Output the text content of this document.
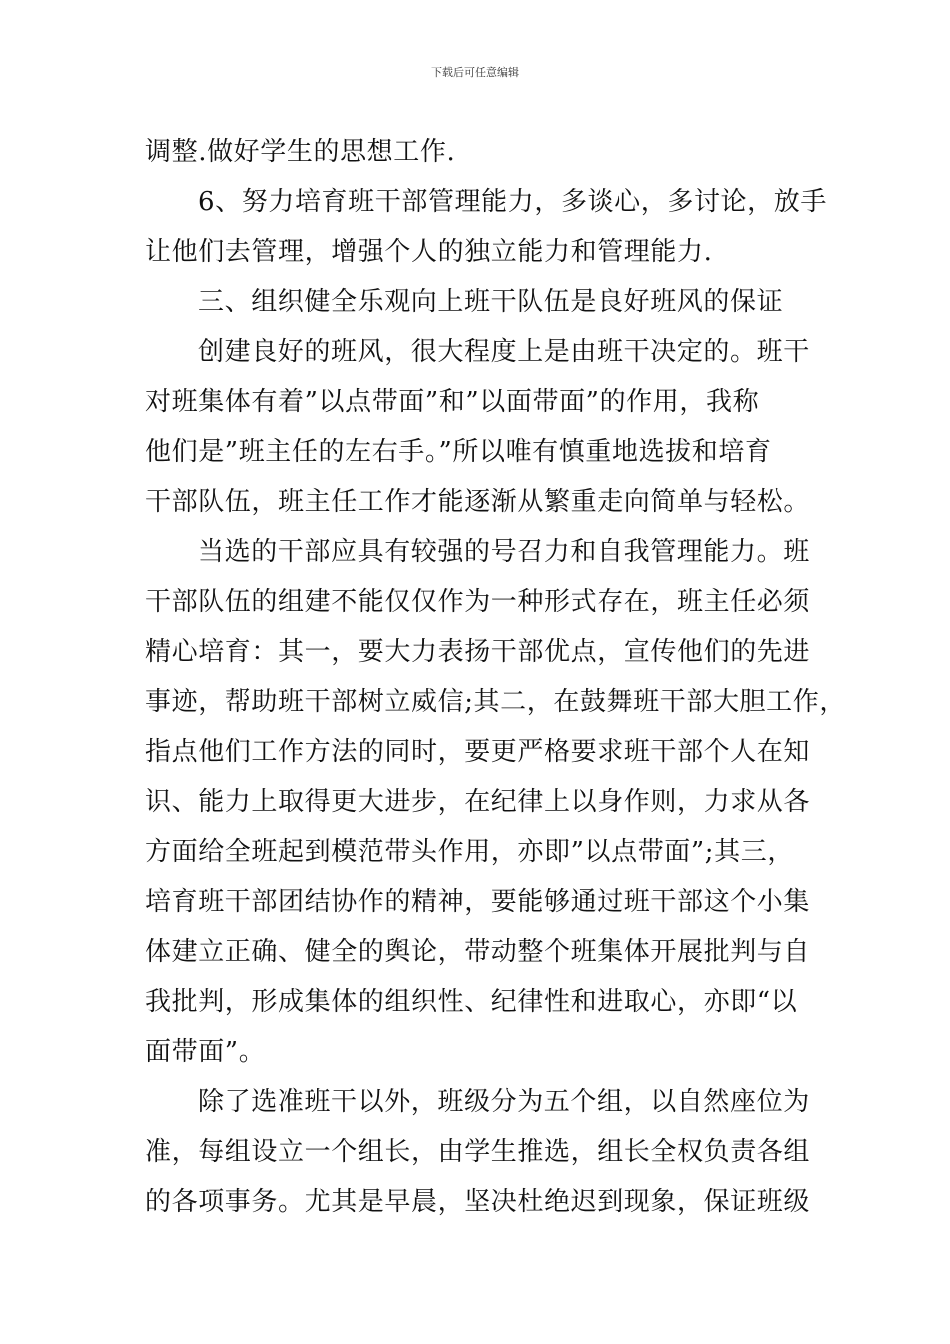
下载后可任意编辑
调整.做好学生的思想工作.
6、努力培育班干部管理能力，多谈心，多讨论，放手
让他们去管理，增强个人的独立能力和管理能力.
三、组织健全乐观向上班干队伍是良好班风的保证
创建良好的班风，很大程度上是由班干决定的。班干
对班集体有着”以点带面”和”以面带面”的作用，我称
他们是”班主任的左右手。”所以唯有慎重地选拔和培育
干部队伍，班主任工作才能逐渐从繁重走向简单与轻松。
当选的干部应具有较强的号召力和自我管理能力。班
干部队伍的组建不能仅仅作为一种形式存在，班主任必须
精心培育：其一，要大力表扬干部优点，宣传他们的先进
事迹，帮助班干部树立威信;其二，在鼓舞班干部大胆工作，
指点他们工作方法的同时，要更严格要求班干部个人在知
识、能力上取得更大进步，在纪律上以身作则，力求从各
方面给全班起到模范带头作用，亦即”以点带面”;其三，
培育班干部团结协作的精神，要能够通过班干部这个小集
体建立正确、健全的舆论，带动整个班集体开展批判与自
我批判，形成集体的组织性、纪律性和进取心，亦即“以
面带面”。
除了选准班干以外，班级分为五个组，以自然座位为
准，每组设立一个组长，由学生推选，组长全权负责各组
的各项事务。尤其是早晨，坚决杜绝迟到现象，保证班级
